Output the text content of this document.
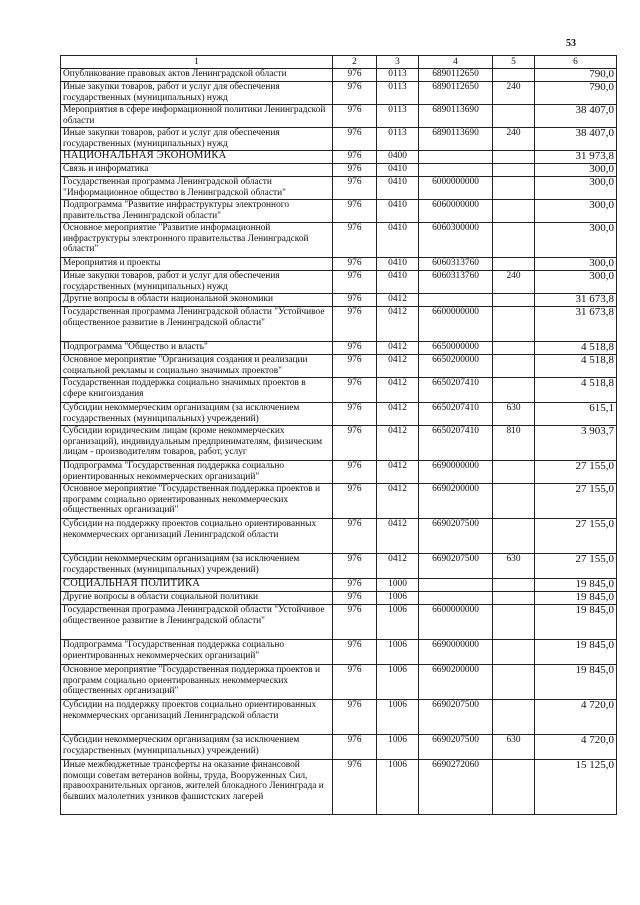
53
1	2	3	4	5	6
Опубликование правовых актов Ленинградской области	976	0113	6890112650		790,0
Иные закупки товаров, работ и услуг для обеспечения государственных (муниципальных) нужд	976	0113	6890112650	240	790,0
Мероприятия в сфере информационной политики Ленинградской области	976	0113	6890113690		38 407,0
Иные закупки товаров, работ и услуг для обеспечения государственных (муниципальных) нужд	976	0113	6890113690	240	38 407,0
НАЦИОНАЛЬНАЯ ЭКОНОМИКА	976	0400			31 973,8
Связь и информатика	976	0410			300,0
Государственная программа Ленинградской области "Информационное общество в Ленинградской области"	976	0410	6000000000		300,0
Подпрограмма "Развитие инфраструктуры электронного правительства Ленинградской области"	976	0410	6060000000		300,0
Основное мероприятие "Развитие информационной инфраструктуры электронного правительства Ленинградской области"	976	0410	6060300000		300,0
Мероприятия и проекты	976	0410	6060313760		300,0
Иные закупки товаров, работ и услуг для обеспечения государственных (муниципальных) нужд	976	0410	6060313760	240	300,0
Другие вопросы в области национальной экономики	976	0412			31 673,8
Государственная программа Ленинградской области "Устойчивое общественное развитие в Ленинградской области"	976	0412	6600000000		31 673,8
Подпрограмма "Общество и власть"	976	0412	6650000000		4 518,8
Основное мероприятие "Организация создания и реализации социальной рекламы и социально значимых проектов"	976	0412	6650200000		4 518,8
Государственная поддержка социально значимых проектов в сфере книгоиздания	976	0412	6650207410		4 518,8
Субсидии некоммерческим организациям (за исключением государственных (муниципальных) учреждений)	976	0412	6650207410	630	615,1
Субсидии юридическим лицам (кроме некоммерческих организаций), индивидуальным предпринимателям, физическим лицам - производителям товаров, работ, услуг	976	0412	6650207410	810	3 903,7
Подпрограмма "Государственная поддержка социально ориентированных некоммерческих организаций"	976	0412	6690000000		27 155,0
Основное мероприятие "Государственная поддержка проектов и программ социально ориентированных некоммерческих общественных организаций"	976	0412	6690200000		27 155,0
Субсидии на поддержку проектов социально ориентированных некоммерческих организаций Ленинградской области	976	0412	6690207500		27 155,0
Субсидии некоммерческим организациям (за исключением государственных (муниципальных) учреждений)	976	0412	6690207500	630	27 155,0
СОЦИАЛЬНАЯ ПОЛИТИКА	976	1000			19 845,0
Другие вопросы в области социальной политики	976	1006			19 845,0
Государственная программа Ленинградской области "Устойчивое общественное развитие в Ленинградской области"	976	1006	6600000000		19 845,0
Подпрограмма "Государственная поддержка социально ориентированных некоммерческих организаций"	976	1006	6690000000		19 845,0
Основное мероприятие "Государственная поддержка проектов и программ социально ориентированных некоммерческих общественных организаций"	976	1006	6690200000		19 845,0
Субсидии на поддержку проектов социально ориентированных некоммерческих организаций Ленинградской области	976	1006	6690207500		4 720,0
Субсидии некоммерческим организациям (за исключением государственных (муниципальных) учреждений)	976	1006	6690207500	630	4 720,0
Иные межбюджетные трансферты на оказание финансовой помощи советам ветеранов войны, труда, Вооруженных Сил, правоохранительных органов, жителей блокадного Ленинграда и бывших малолетних узников фашистских лагерей	976	1006	6690272060		15 125,0
